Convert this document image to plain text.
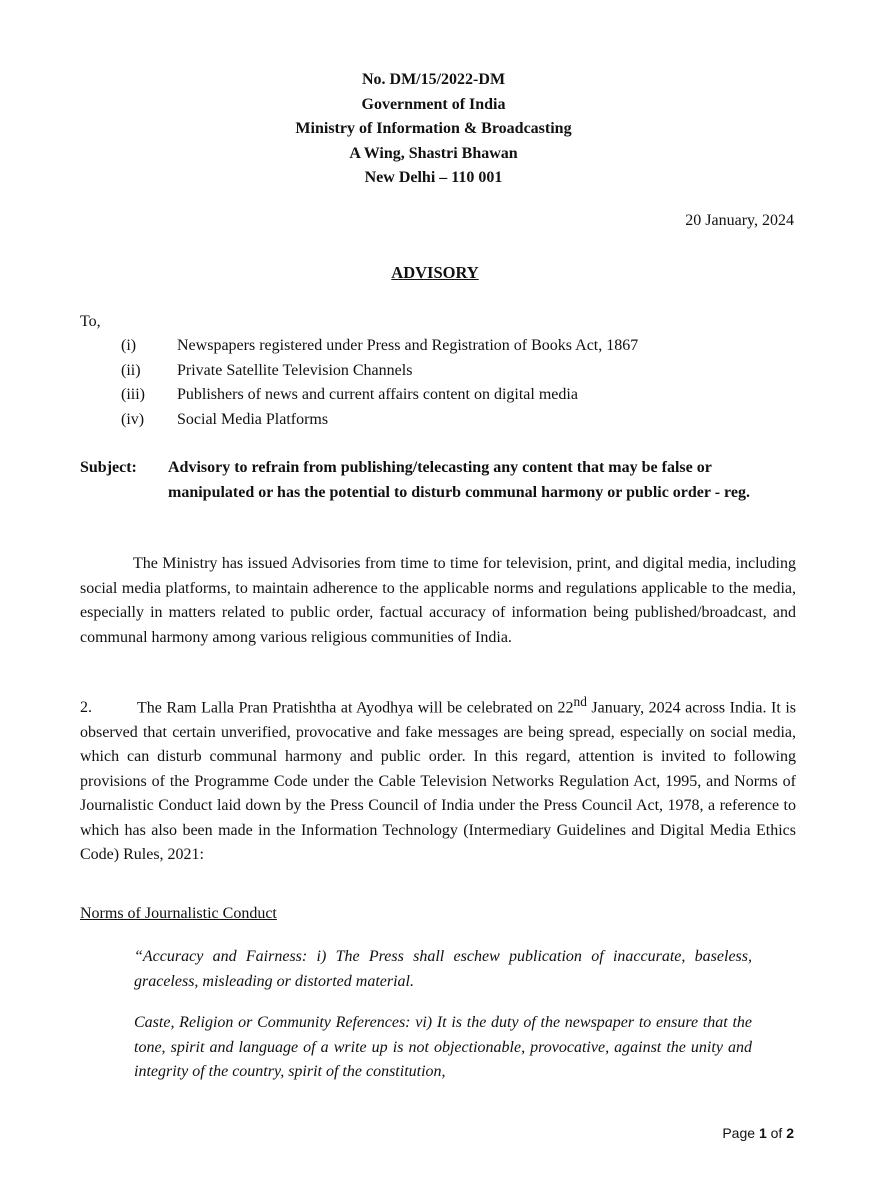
No. DM/15/2022-DM
Government of India
Ministry of Information & Broadcasting
A Wing, Shastri Bhawan
New Delhi – 110 001
20 January, 2024
ADVISORY
To,
(i)	Newspapers registered under Press and Registration of Books Act, 1867
(ii)	Private Satellite Television Channels
(iii)	Publishers of news and current affairs content on digital media
(iv)	Social Media Platforms
Subject:	Advisory to refrain from publishing/telecasting any content that may be false or manipulated or has the potential to disturb communal harmony or public order - reg.
The Ministry has issued Advisories from time to time for television, print, and digital media, including social media platforms, to maintain adherence to the applicable norms and regulations applicable to the media, especially in matters related to public order, factual accuracy of information being published/broadcast, and communal harmony among various religious communities of India.
2.	The Ram Lalla Pran Pratishtha at Ayodhya will be celebrated on 22nd January, 2024 across India. It is observed that certain unverified, provocative and fake messages are being spread, especially on social media, which can disturb communal harmony and public order. In this regard, attention is invited to following provisions of the Programme Code under the Cable Television Networks Regulation Act, 1995, and Norms of Journalistic Conduct laid down by the Press Council of India under the Press Council Act, 1978, a reference to which has also been made in the Information Technology (Intermediary Guidelines and Digital Media Ethics Code) Rules, 2021:
Norms of Journalistic Conduct
“Accuracy and Fairness: i) The Press shall eschew publication of inaccurate, baseless, graceless, misleading or distorted material.
Caste, Religion or Community References: vi) It is the duty of the newspaper to ensure that the tone, spirit and language of a write up is not objectionable, provocative, against the unity and integrity of the country, spirit of the constitution,
Page 1 of 2
